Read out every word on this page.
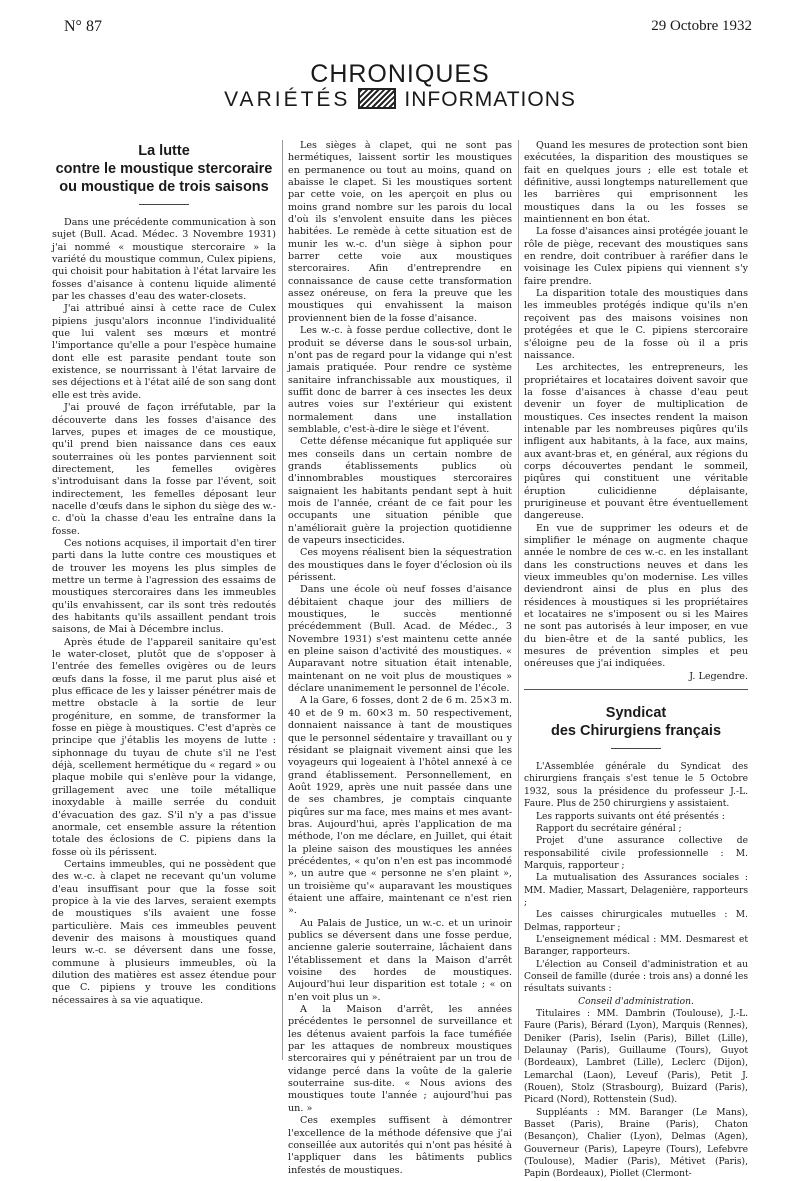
N° 87	29 Octobre 1932
CHRONIQUES
VARIÉTÉS	INFORMATIONS
La lutte
contre le moustique stercoraire
ou moustique de trois saisons

Dans une précédente communication à son sujet (Bull. Acad. Médec. 3 Novembre 1931) j'ai nommé « moustique stercoraire » la variété du moustique commun, Culex pipiens, qui choisit pour habitation à l'état larvaire les fosses d'aisance à contenu liquide alimenté par les chasses d'eau des water-closets.

J'ai attribué ainsi à cette race de Culex pipiens jusqu'alors inconnue l'individualité que lui valent ses mœurs et montré l'importance qu'elle a pour l'espèce humaine dont elle est parasite pendant toute son existence, se nourrissant à l'état larvaire de ses déjections et à l'état ailé de son sang dont elle est très avide.

J'ai prouvé de façon irréfutable, par la découverte dans les fosses d'aisance des larves, pupes et images de ce moustique, qu'il prend bien naissance dans ces eaux souterraines où les pontes parviennent soit directement, les femelles ovigères s'introduisant dans la fosse par l'évent, soit indirectement, les femelles déposant leur nacelle d'œufs dans le siphon du siège des w.-c. d'où la chasse d'eau les entraîne dans la fosse.

Ces notions acquises, il importait d'en tirer parti dans la lutte contre ces moustiques et de trouver les moyens les plus simples de mettre un terme à l'agression des essaims de moustiques stercoraires dans les immeubles qu'ils envahissent, car ils sont très redoutés des habitants qu'ils assaillent pendant trois saisons, de Mai à Décembre inclus.

Après étude de l'appareil sanitaire qu'est le water-closet, plutôt que de s'opposer à l'entrée des femelles ovigères ou de leurs œufs dans la fosse, il me parut plus aisé et plus efficace de les y laisser pénétrer mais de mettre obstacle à la sortie de leur progéniture, en somme, de transformer la fosse en piège à moustiques. C'est d'après ce principe que j'établis les moyens de lutte : siphonnage du tuyau de chute s'il ne l'est déjà, scellement hermétique du « regard » ou plaque mobile qui s'enlève pour la vidange, grillagement avec une toile métallique inoxydable à maille serrée du conduit d'évacuation des gaz. S'il n'y a pas d'issue anormale, cet ensemble assure la rétention totale des éclosions de C. pipiens dans la fosse où ils périssent.

Certains immeubles, qui ne possèdent que des w.-c. à clapet ne recevant qu'un volume d'eau insuffisant pour que la fosse soit propice à la vie des larves, seraient exempts de moustiques s'ils avaient une fosse particulière. Mais ces immeubles peuvent devenir des maisons à moustiques quand leurs w.-c. se déversent dans une fosse, commune à plusieurs immeubles, où la dilution des matières est assez étendue pour que C. pipiens y trouve les conditions nécessaires à sa vie aquatique.

Les sièges à clapet, qui ne sont pas hermétiques, laissent sortir les moustiques en permanence ou tout au moins, quand on abaisse le clapet. Si les moustiques sortent par cette voie, on les aperçoit en plus ou moins grand nombre sur les parois du local d'où ils s'envolent ensuite dans les pièces habitées. Le remède à cette situation est de munir les w.-c. d'un siège à siphon pour barrer cette voie aux moustiques stercoraires. Afin d'entreprendre en connaissance de cause cette transformation assez onéreuse, on fera la preuve que les moustiques qui envahissent la maison proviennent bien de la fosse d'aisance.

Les w.-c. à fosse perdue collective, dont le produit se déverse dans le sous-sol urbain, n'ont pas de regard pour la vidange qui n'est jamais pratiquée. Pour rendre ce système sanitaire infranchissable aux moustiques, il suffit donc de barrer à ces insectes les deux autres voies sur l'extérieur qui existent normalement dans une installation semblable, c'est-à-dire le siège et l'évent.

Cette défense mécanique fut appliquée sur mes conseils dans un certain nombre de grands établissements publics où d'innombrables moustiques stercoraires saignaient les habitants pendant sept à huit mois de l'année, créant de ce fait pour les occupants une situation pénible que n'améliorait guère la projection quotidienne de vapeurs insecticides.

Ces moyens réalisent bien la séquestration des moustiques dans le foyer d'éclosion où ils périssent.

Dans une école où neuf fosses d'aisance débitaient chaque jour des milliers de moustiques, le succès mentionné précédemment (Bull. Acad. de Médec., 3 Novembre 1931) s'est maintenu cette année en pleine saison d'activité des moustiques. « Auparavant notre situation était intenable, maintenant on ne voit plus de moustiques » déclare unanimement le personnel de l'école.

A la Gare, 6 fosses, dont 2 de 6 m. 25×3 m. 40 et de 9 m. 60×3 m. 50 respectivement, donnaient naissance à tant de moustiques que le personnel sédentaire y travaillant ou y résidant se plaignait vivement ainsi que les voyageurs qui logeaient à l'hôtel annexé à ce grand établissement. Personnellement, en Août 1929, après une nuit passée dans une de ses chambres, je comptais cinquante piqûres sur ma face, mes mains et mes avant-bras. Aujourd'hui, après l'application de ma méthode, l'on me déclare, en Juillet, qui était la pleine saison des moustiques les années précédentes, « qu'on n'en est pas incommodé », un autre que « personne ne s'en plaint », un troisième qu'« auparavant les moustiques étaient une affaire, maintenant ce n'est rien ».

Au Palais de Justice, un w.-c. et un urinoir publics se déversent dans une fosse perdue, ancienne galerie souterraine, lâchaient dans l'établissement et dans la Maison d'arrêt voisine des hordes de moustiques. Aujourd'hui leur disparition est totale ; « on n'en voit plus un ».

A la Maison d'arrêt, les années précédentes le personnel de surveillance et les détenus avaient parfois la face tuméfiée par les attaques de nombreux moustiques stercoraires qui y pénétraient par un trou de vidange percé dans la voûte de la galerie souterraine sus-dite. « Nous avions des moustiques toute l'année ; aujourd'hui pas un. »

Ces exemples suffisent à démontrer l'excellence de la méthode défensive que j'ai conseillée aux autorités qui n'ont pas hésité à l'appliquer dans les bâtiments publics infestés de moustiques.

Quand les mesures de protection sont bien exécutées, la disparition des moustiques se fait en quelques jours ; elle est totale et définitive, aussi longtemps naturellement que les barrières qui emprisonnent les moustiques dans la ou les fosses se maintiennent en bon état.

La fosse d'aisances ainsi protégée jouant le rôle de piège, recevant des moustiques sans en rendre, doit contribuer à raréfier dans le voisinage les Culex pipiens qui viennent s'y faire prendre.

La disparition totale des moustiques dans les immeubles protégés indique qu'ils n'en reçoivent pas des maisons voisines non protégées et que le C. pipiens stercoraire s'éloigne peu de la fosse où il a pris naissance.

Les architectes, les entrepreneurs, les propriétaires et locataires doivent savoir que la fosse d'aisances à chasse d'eau peut devenir un foyer de multiplication de moustiques. Ces insectes rendent la maison intenable par les nombreuses piqûres qu'ils infligent aux habitants, à la face, aux mains, aux avant-bras et, en général, aux régions du corps découvertes pendant le sommeil, piqûres qui constituent une véritable éruption culicidienne déplaisante, prurigineuse et pouvant être éventuellement dangereuse.

En vue de supprimer les odeurs et de simplifier le ménage on augmente chaque année le nombre de ces w.-c. en les installant dans les constructions neuves et dans les vieux immeubles qu'on modernise. Les villes deviendront ainsi de plus en plus des résidences à moustiques si les propriétaires et locataires ne s'imposent ou si les Maires ne sont pas autorisés à leur imposer, en vue du bien-être et de la santé publics, les mesures de prévention simples et peu onéreuses que j'ai indiquées.

J. Legendre.

Syndicat
des Chirurgiens français

L'Assemblée générale du Syndicat des chirurgiens français s'est tenue le 5 Octobre 1932, sous la présidence du professeur J.-L. Faure. Plus de 250 chirurgiens y assistaient.

Les rapports suivants ont été présentés :

Rapport du secrétaire général ;

Projet d'une assurance collective de responsabilité civile professionnelle : M. Marquis, rapporteur ;

La mutualisation des Assurances sociales : MM. Madier, Massart, Delagenière, rapporteurs ;

Les caisses chirurgicales mutuelles : M. Delmas, rapporteur ;

L'enseignement médical : MM. Desmarest et Baranger, rapporteurs.

L'élection au Conseil d'administration et au Conseil de famille (durée : trois ans) a donné les résultats suivants :

Conseil d'administration.

Titulaires : MM. Dambrin (Toulouse), J.-L. Faure (Paris), Bérard (Lyon), Marquis (Rennes), Deniker (Paris), Iselin (Paris), Billet (Lille), Delaunay (Paris), Guillaume (Tours), Guyot (Bordeaux), Lambret (Lille), Leclerc (Dijon), Lemarchal (Laon), Leveuf (Paris), Petit J. (Rouen), Stolz (Strasbourg), Buizard (Paris), Picard (Nord), Rottenstein (Sud).

Suppléants : MM. Baranger (Le Mans), Basset (Paris), Braine (Paris), Chaton (Besançon), Chalier (Lyon), Delmas (Agen), Gouverneur (Paris), Lapeyre (Tours), Lefebvre (Toulouse), Madier (Paris), Métivet (Paris), Papin (Bordeaux), Piollet (Clermont-
